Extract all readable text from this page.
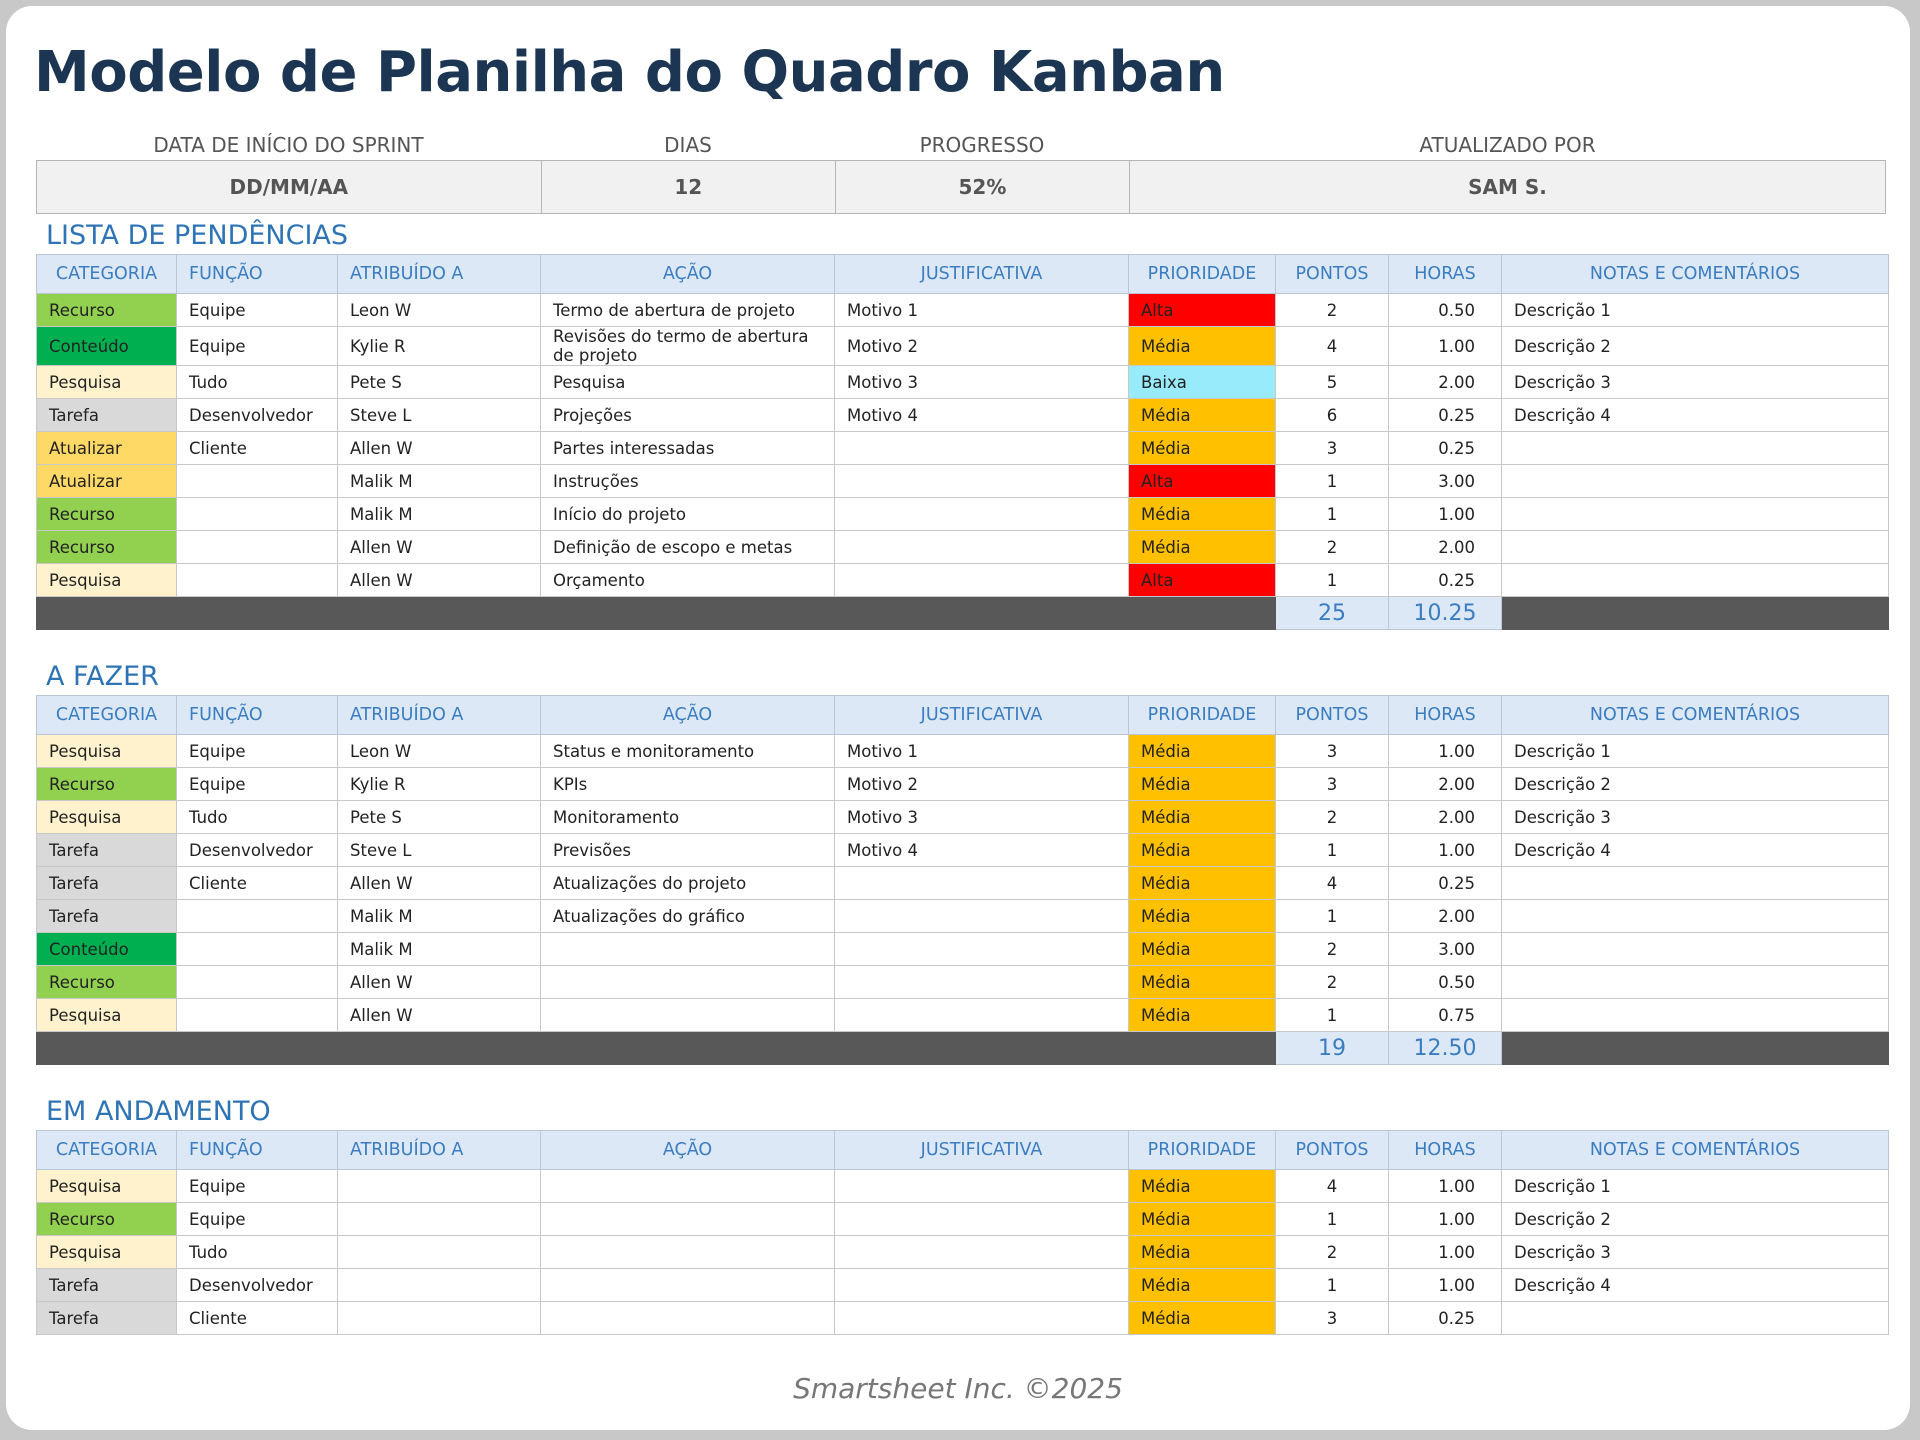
Modelo de Planilha do Quadro Kanban
DATA DE INÍCIO DO SPRINT	DIAS	PROGRESSO	ATUALIZADO POR
DD/MM/AA	12	52%	SAM S.
LISTA DE PENDÊNCIAS
CATEGORIA	FUNÇÃO	ATRIBUÍDO A	AÇÃO	JUSTIFICATIVA	PRIORIDADE	PONTOS	HORAS	NOTAS E COMENTÁRIOS
Recurso	Equipe	Leon W	Termo de abertura de projeto	Motivo 1	Alta	2	0.50	Descrição 1
Conteúdo	Equipe	Kylie R	Revisões do termo de abertura de projeto	Motivo 2	Média	4	1.00	Descrição 2
Pesquisa	Tudo	Pete S	Pesquisa	Motivo 3	Baixa	5	2.00	Descrição 3
Tarefa	Desenvolvedor	Steve L	Projeções	Motivo 4	Média	6	0.25	Descrição 4
Atualizar	Cliente	Allen W	Partes interessadas		Média	3	0.25	
Atualizar		Malik M	Instruções		Alta	1	3.00	
Recurso		Malik M	Início do projeto		Média	1	1.00	
Recurso		Allen W	Definição de escopo e metas		Média	2	2.00	
Pesquisa		Allen W	Orçamento		Alta	1	0.25	
						25	10.25	
A FAZER
CATEGORIA	FUNÇÃO	ATRIBUÍDO A	AÇÃO	JUSTIFICATIVA	PRIORIDADE	PONTOS	HORAS	NOTAS E COMENTÁRIOS
Pesquisa	Equipe	Leon W	Status e monitoramento	Motivo 1	Média	3	1.00	Descrição 1
Recurso	Equipe	Kylie R	KPIs	Motivo 2	Média	3	2.00	Descrição 2
Pesquisa	Tudo	Pete S	Monitoramento	Motivo 3	Média	2	2.00	Descrição 3
Tarefa	Desenvolvedor	Steve L	Previsões	Motivo 4	Média	1	1.00	Descrição 4
Tarefa	Cliente	Allen W	Atualizações do projeto		Média	4	0.25	
Tarefa		Malik M	Atualizações do gráfico		Média	1	2.00	
Conteúdo		Malik M			Média	2	3.00	
Recurso		Allen W			Média	2	0.50	
Pesquisa		Allen W			Média	1	0.75	
						19	12.50	
EM ANDAMENTO
CATEGORIA	FUNÇÃO	ATRIBUÍDO A	AÇÃO	JUSTIFICATIVA	PRIORIDADE	PONTOS	HORAS	NOTAS E COMENTÁRIOS
Pesquisa	Equipe				Média	4	1.00	Descrição 1
Recurso	Equipe				Média	1	1.00	Descrição 2
Pesquisa	Tudo				Média	2	1.00	Descrição 3
Tarefa	Desenvolvedor				Média	1	1.00	Descrição 4
Tarefa	Cliente				Média	3	0.25	
Smartsheet Inc. ©2025
